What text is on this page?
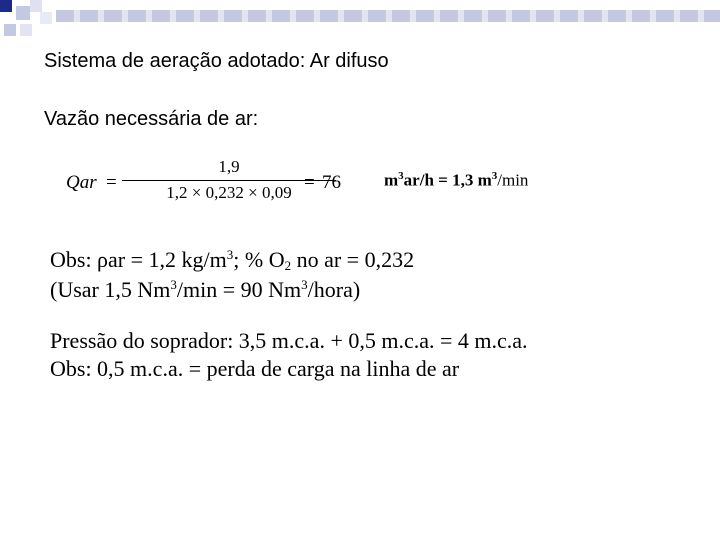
Sistema de aeração adotado: Ar difuso
Vazão necessária de ar:
Qar =
1,9
1,2 × 0,232 × 0,09 = 76	$m^3ar/h = 1,3$ $m^3/\min$
Obs: ρar = 1,2 $kg/m^3$; % $O_2$ no ar = 0,232
(Usar 1,5 $Nm^3/\min = 90$ Nm$^3$/hora)
Pressão do soprador: 3,5 m.c.a. + 0,5 m.c.a. = 4 m.c.a.
Obs: 0,5 m.c.a. = perda de carga na linha de ar
